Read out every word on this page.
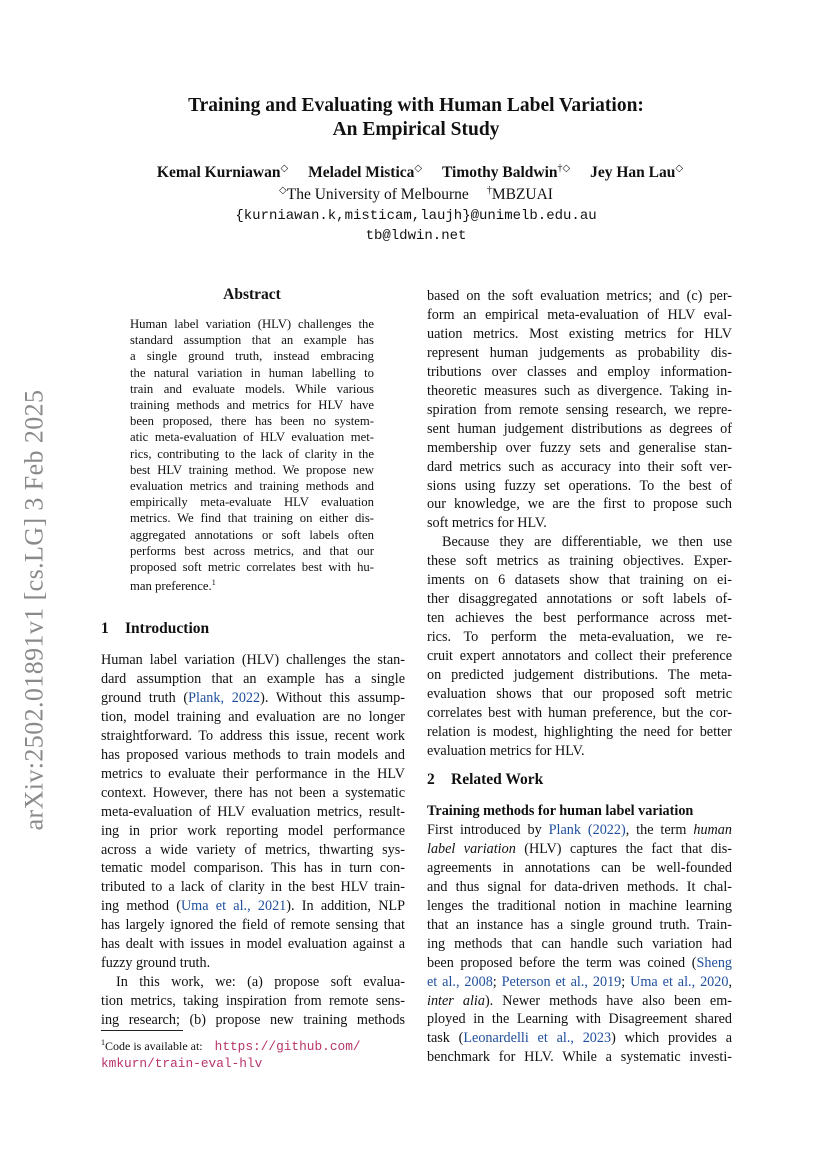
arXiv:2502.01891v1 [cs.LG] 3 Feb 2025
Training and Evaluating with Human Label Variation:
An Empirical Study
Kemal Kurniawan◇ Meladel Mistica◇ Timothy Baldwin†◇ Jey Han Lau◇
◇The University of Melbourne †MBZUAI
{kurniawan.k,misticam,laujh}@unimelb.edu.au
tb@ldwin.net
Abstract
Human label variation (HLV) challenges the
standard assumption that an example has
a single ground truth, instead embracing
the natural variation in human labelling to
train and evaluate models. While various
training methods and metrics for HLV have
been proposed, there has been no system-
atic meta-evaluation of HLV evaluation met-
rics, contributing to the lack of clarity in the
best HLV training method. We propose new
evaluation metrics and training methods and
empirically meta-evaluate HLV evaluation
metrics. We find that training on either dis-
aggregated annotations or soft labels often
performs best across metrics, and that our
proposed soft metric correlates best with hu-
man preference.$^1$
1 Introduction
Human label variation (HLV) challenges the stan-
dard assumption that an example has a single
ground truth (Plank, 2022). Without this assump-
tion, model training and evaluation are no longer
straightforward. To address this issue, recent work
has proposed various methods to train models and
metrics to evaluate their performance in the HLV
context. However, there has not been a systematic
meta-evaluation of HLV evaluation metrics, result-
ing in prior work reporting model performance
across a wide variety of metrics, thwarting sys-
tematic model comparison. This has in turn con-
tributed to a lack of clarity in the best HLV train-
ing method (Uma et al., 2021). In addition, NLP
has largely ignored the field of remote sensing that
has dealt with issues in model evaluation against a
fuzzy ground truth.
In this work, we: (a) propose soft evalua-
tion metrics, taking inspiration from remote sens-
ing research; (b) propose new training methods
$^1$Code is available at: https://github.com/
kmkurn/train-eval-hlv
based on the soft evaluation metrics; and (c) per-
form an empirical meta-evaluation of HLV eval-
uation metrics. Most existing metrics for HLV
represent human judgements as probability dis-
tributions over classes and employ information-
theoretic measures such as divergence. Taking in-
spiration from remote sensing research, we repre-
sent human judgement distributions as degrees of
membership over fuzzy sets and generalise stan-
dard metrics such as accuracy into their soft ver-
sions using fuzzy set operations. To the best of
our knowledge, we are the first to propose such
soft metrics for HLV.
Because they are differentiable, we then use
these soft metrics as training objectives. Exper-
iments on 6 datasets show that training on ei-
ther disaggregated annotations or soft labels of-
ten achieves the best performance across met-
rics. To perform the meta-evaluation, we re-
cruit expert annotators and collect their preference
on predicted judgement distributions. The meta-
evaluation shows that our proposed soft metric
correlates best with human preference, but the cor-
relation is modest, highlighting the need for better
evaluation metrics for HLV.
2 Related Work
Training methods for human label variation
First introduced by Plank (2022), the term human
label variation (HLV) captures the fact that dis-
agreements in annotations can be well-founded
and thus signal for data-driven methods. It chal-
lenges the traditional notion in machine learning
that an instance has a single ground truth. Train-
ing methods that can handle such variation had
been proposed before the term was coined (Sheng
et al., 2008; Peterson et al., 2019; Uma et al., 2020,
inter alia). Newer methods have also been em-
ployed in the Learning with Disagreement shared
task (Leonardelli et al., 2023) which provides a
benchmark for HLV. While a systematic investi-
